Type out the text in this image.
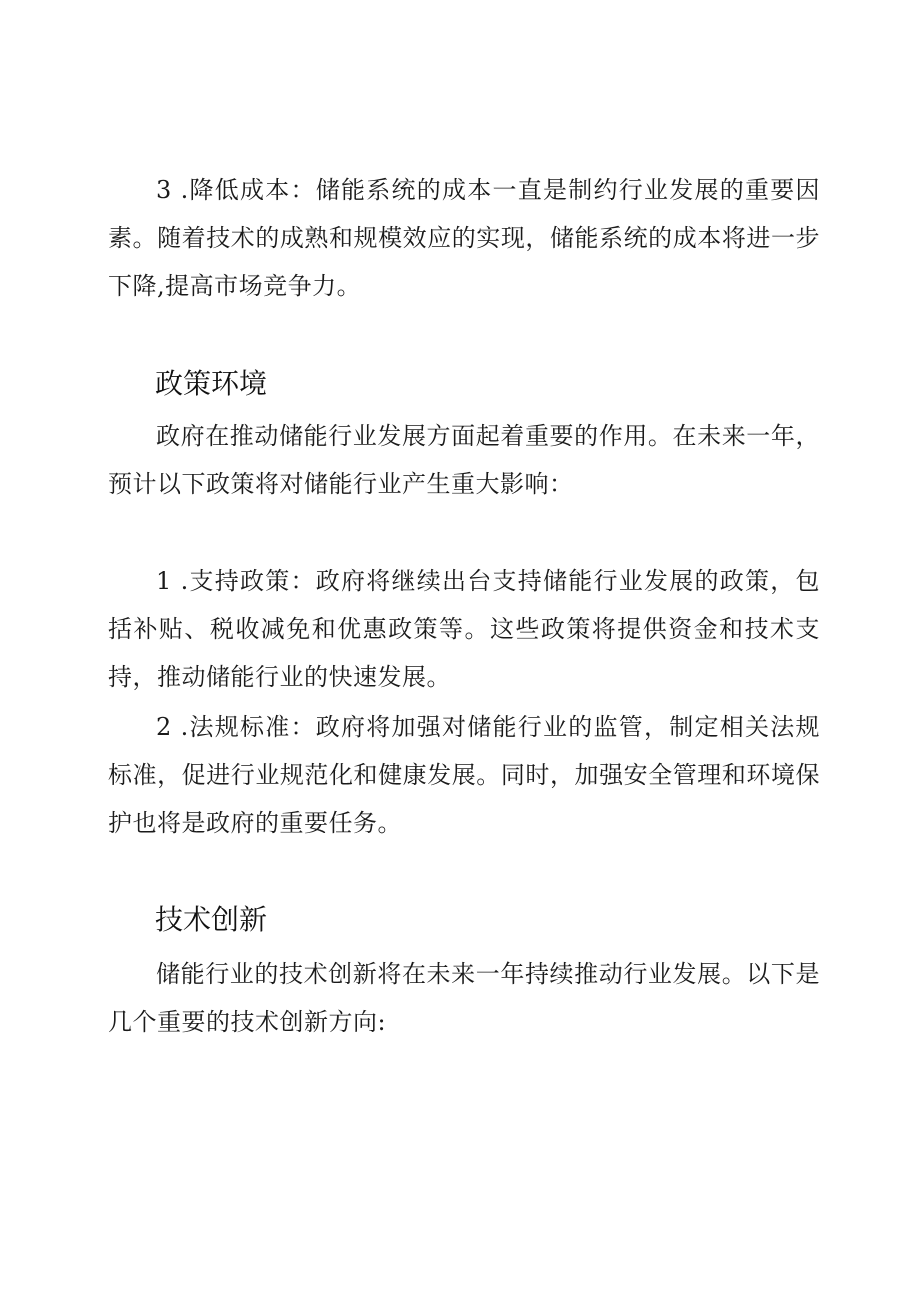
3 .降低成本：储能系统的成本一直是制约行业发展的重要因素。随着技术的成熟和规模效应的实现，储能系统的成本将进一步下降,提高市场竞争力。

政策环境

政府在推动储能行业发展方面起着重要的作用。在未来一年，预计以下政策将对储能行业产生重大影响：

1 .支持政策：政府将继续出台支持储能行业发展的政策，包括补贴、税收减免和优惠政策等。这些政策将提供资金和技术支持，推动储能行业的快速发展。

2 .法规标准：政府将加强对储能行业的监管，制定相关法规标准，促进行业规范化和健康发展。同时，加强安全管理和环境保护也将是政府的重要任务。

技术创新

储能行业的技术创新将在未来一年持续推动行业发展。以下是几个重要的技术创新方向:
